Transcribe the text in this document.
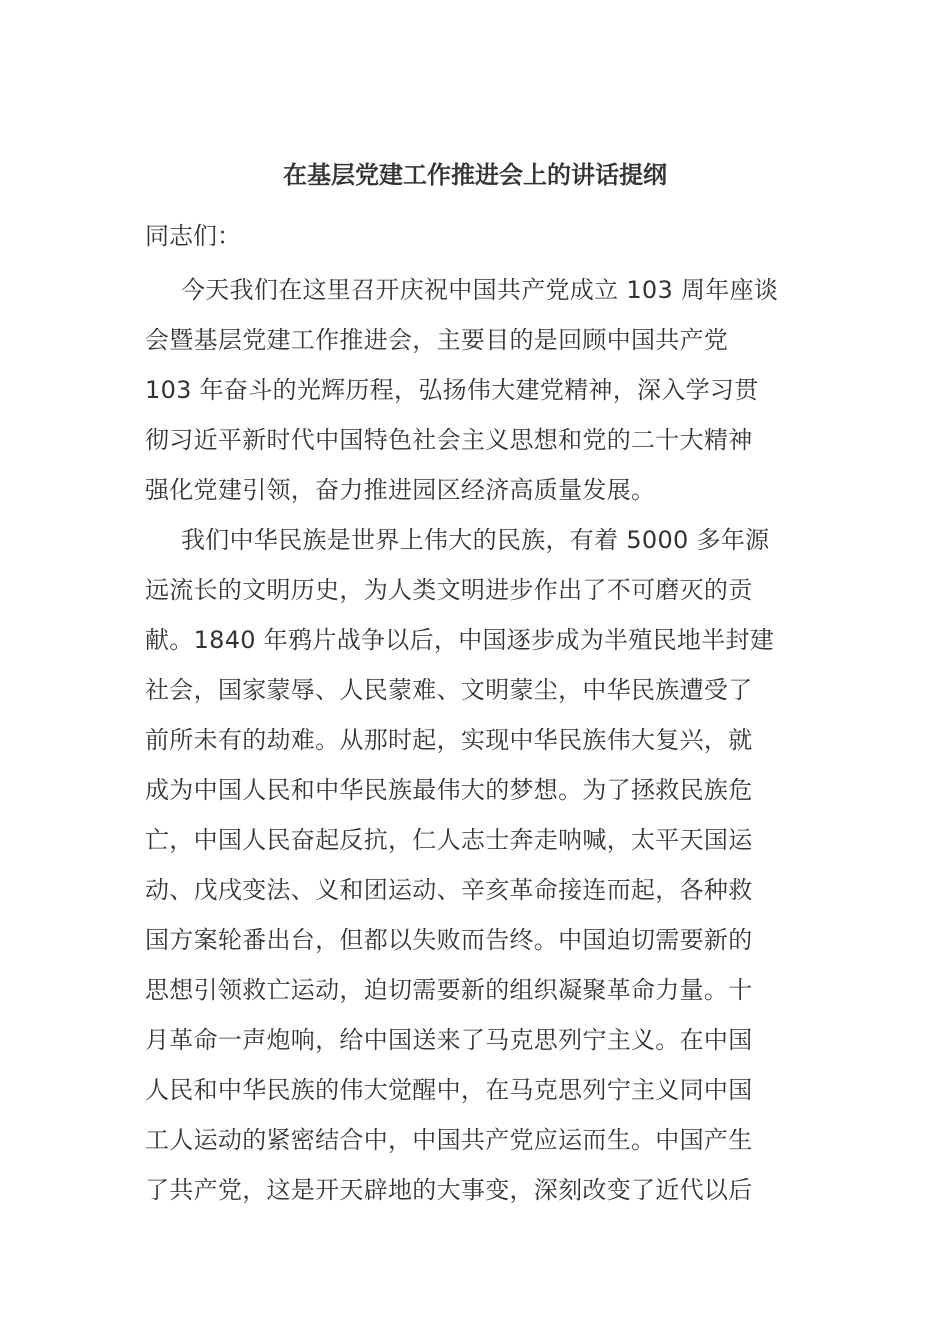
在基层党建工作推进会上的讲话提纲

同志们：

今天我们在这里召开庆祝中国共产党成立 103 周年座谈
会暨基层党建工作推进会，主要目的是回顾中国共产党
103 年奋斗的光辉历程，弘扬伟大建党精神，深入学习贯
彻习近平新时代中国特色社会主义思想和党的二十大精神
强化党建引领，奋力推进园区经济高质量发展。

我们中华民族是世界上伟大的民族，有着 5000 多年源
远流长的文明历史，为人类文明进步作出了不可磨灭的贡
献。1840 年鸦片战争以后，中国逐步成为半殖民地半封建
社会，国家蒙辱、人民蒙难、文明蒙尘，中华民族遭受了
前所未有的劫难。从那时起，实现中华民族伟大复兴，就
成为中国人民和中华民族最伟大的梦想。为了拯救民族危
亡，中国人民奋起反抗，仁人志士奔走呐喊，太平天国运
动、戊戌变法、义和团运动、辛亥革命接连而起，各种救
国方案轮番出台，但都以失败而告终。中国迫切需要新的
思想引领救亡运动，迫切需要新的组织凝聚革命力量。十
月革命一声炮响，给中国送来了马克思列宁主义。在中国
人民和中华民族的伟大觉醒中，在马克思列宁主义同中国
工人运动的紧密结合中，中国共产党应运而生。中国产生
了共产党，这是开天辟地的大事变，深刻改变了近代以后
